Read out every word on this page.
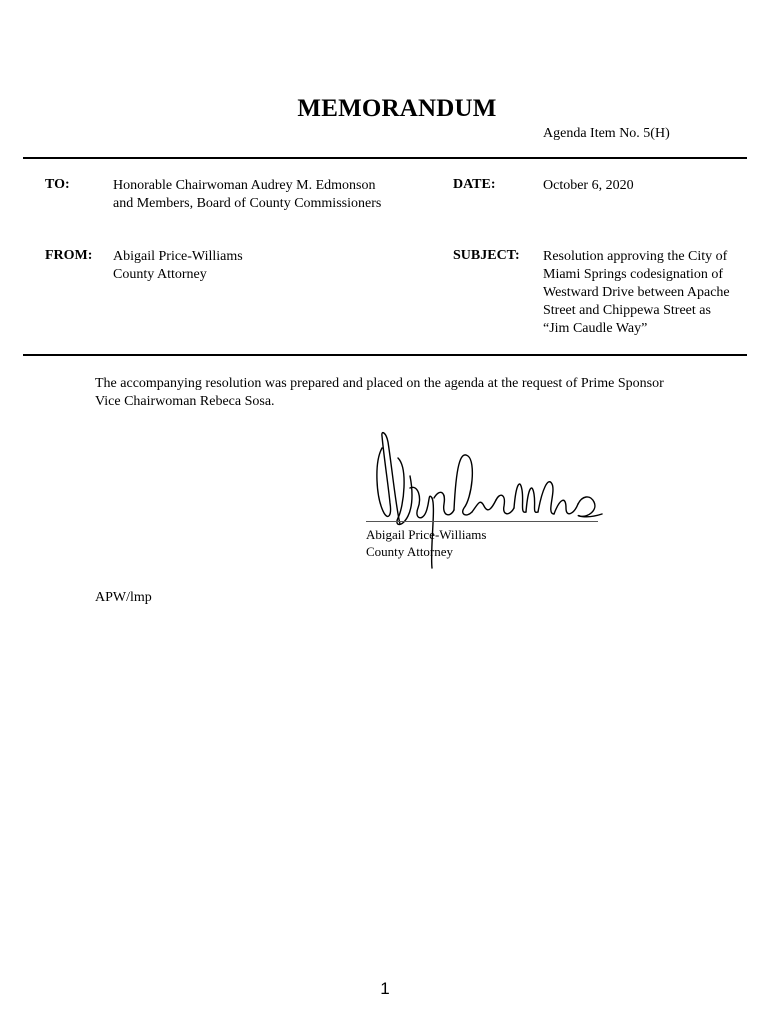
MEMORANDUM
Agenda Item No. 5(H)
TO:	Honorable Chairwoman Audrey M. Edmonson
and Members, Board of County Commissioners
DATE:	October 6, 2020
FROM: Abigail Price-Williams
County Attorney
SUBJECT: Resolution approving the City of
Miami Springs codesignation of
Westward Drive between Apache
Street and Chippewa Street as
“Jim Caudle Way”
The accompanying resolution was prepared and placed on the agenda at the request of Prime Sponsor
Vice Chairwoman Rebeca Sosa.
Abigail Price-Williams
County Attorney
APW/lmp
1
